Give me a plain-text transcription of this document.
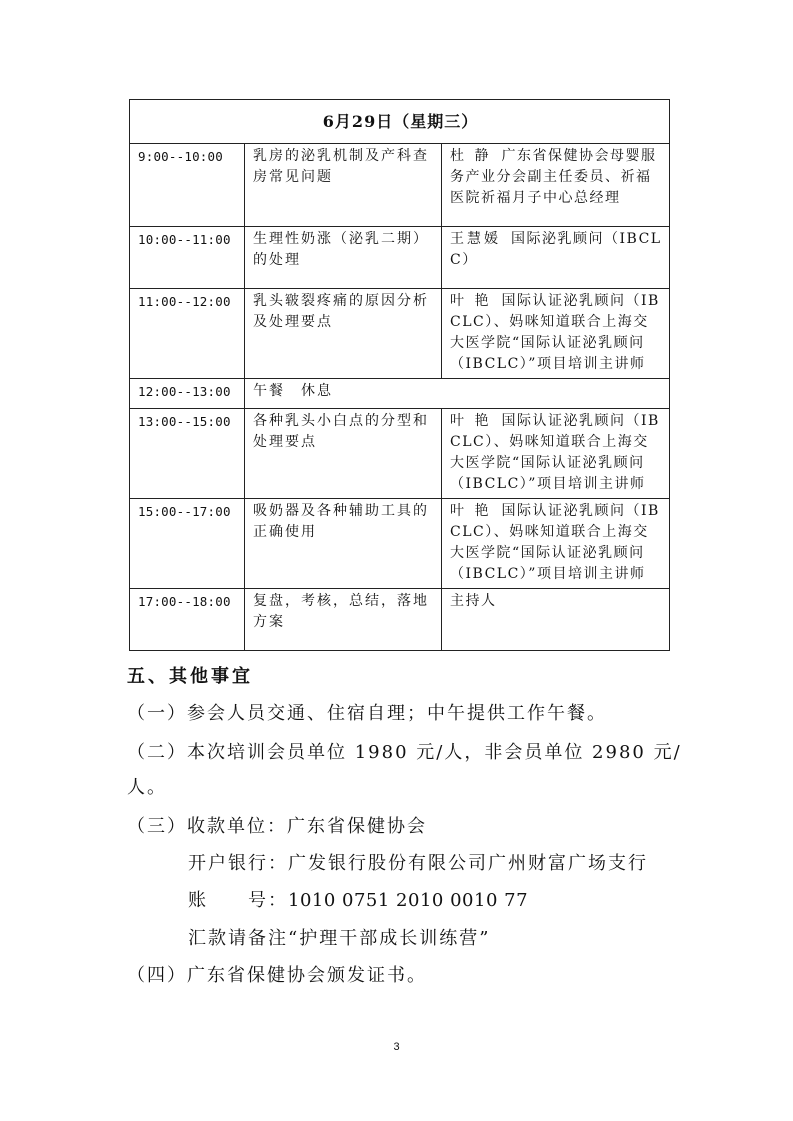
6月29日（星期三）		
9:00--10:00	乳房的泌乳机制及产科查房常见问题	杜 静 广东省保健协会母婴服务产业分会副主任委员、祈福医院祈福月子中心总经理
10:00--11:00	生理性奶涨（泌乳二期）的处理	王慧媛 国际泌乳顾问（IBCLC）
11:00--12:00	乳头皲裂疼痛的原因分析及处理要点	叶 艳 国际认证泌乳顾问（IBCLC）、妈咪知道联合上海交大医学院“国际认证泌乳顾问（IBCLC）”项目培训主讲师
12:00--13:00	午餐　休息	
13:00--15:00	各种乳头小白点的分型和处理要点	叶 艳 国际认证泌乳顾问（IBCLC）、妈咪知道联合上海交大医学院“国际认证泌乳顾问（IBCLC）”项目培训主讲师
15:00--17:00	吸奶器及各种辅助工具的正确使用	叶 艳 国际认证泌乳顾问（IBCLC）、妈咪知道联合上海交大医学院“国际认证泌乳顾问（IBCLC）”项目培训主讲师
17:00--18:00	复盘，考核，总结，落地方案	主持人
五、其他事宜
（一）参会人员交通、住宿自理；中午提供工作午餐。
（二）本次培训会员单位 1980 元/人，非会员单位 2980 元/
人。
（三）收款单位：广东省保健协会
开户银行：广发银行股份有限公司广州财富广场支行
账　　号：1010 0751 2010 0010 77
汇款请备注“护理干部成长训练营”
（四）广东省保健协会颁发证书。
3
